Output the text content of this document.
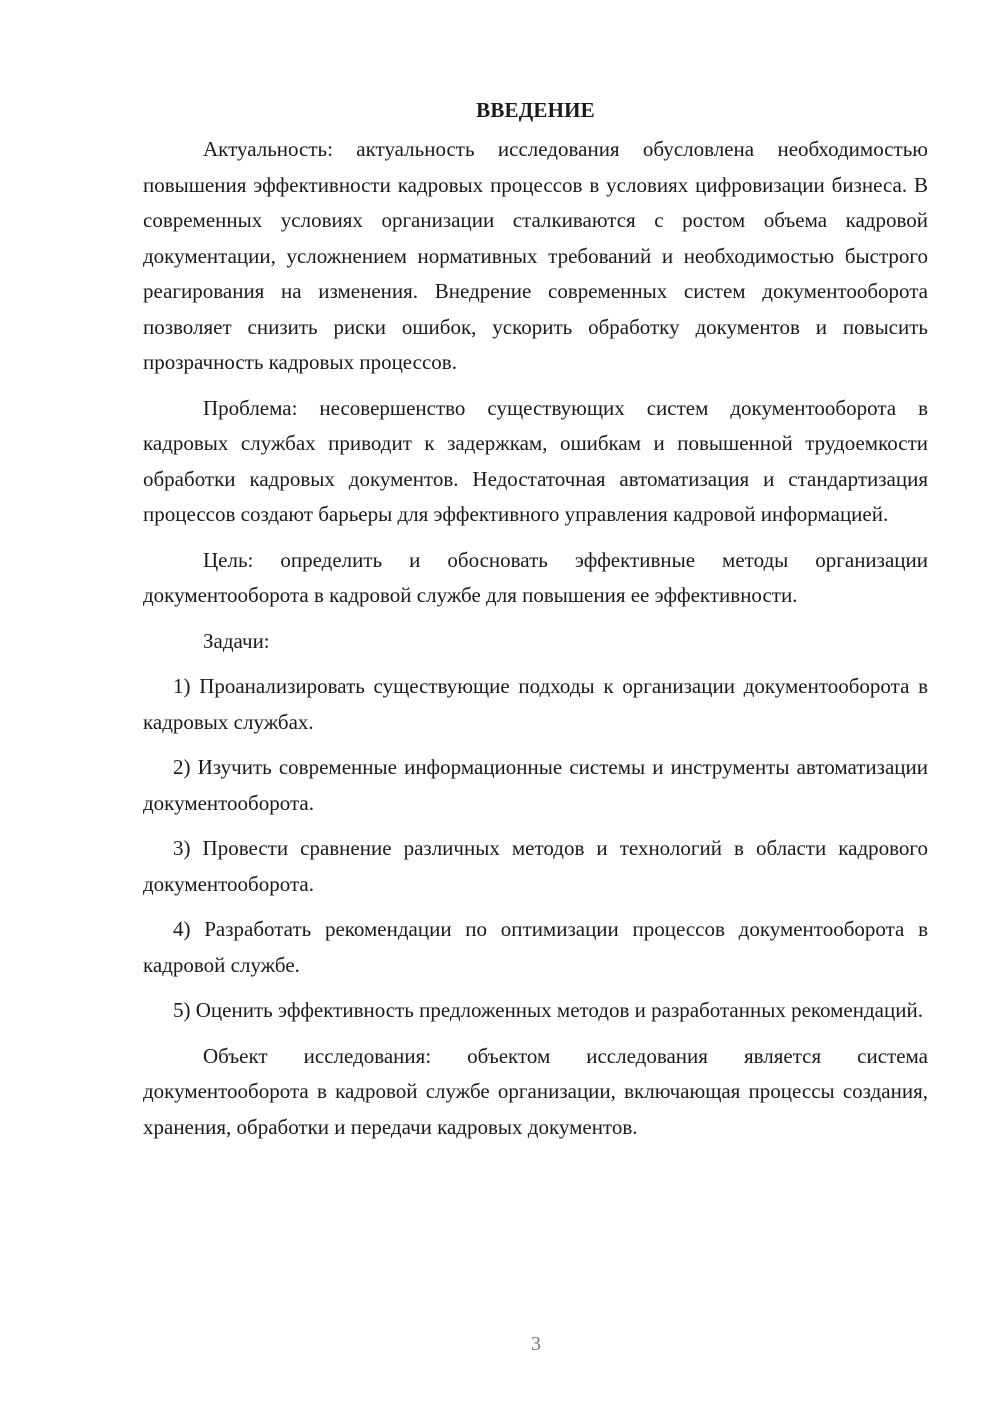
ВВЕДЕНИЕ

Актуальность: актуальность исследования обусловлена необходимостью повышения эффективности кадровых процессов в условиях цифровизации бизнеса. В современных условиях организации сталкиваются с ростом объема кадровой документации, усложнением нормативных требований и необходимостью быстрого реагирования на изменения. Внедрение современных систем документооборота позволяет снизить риски ошибок, ускорить обработку документов и повысить прозрачность кадровых процессов.

Проблема: несовершенство существующих систем документооборота в кадровых службах приводит к задержкам, ошибкам и повышенной трудоемкости обработки кадровых документов. Недостаточная автоматизация и стандартизация процессов создают барьеры для эффективного управления кадровой информацией.

Цель: определить и обосновать эффективные методы организации документооборота в кадровой службе для повышения ее эффективности.

Задачи:

1) Проанализировать существующие подходы к организации документооборота в кадровых службах.

2) Изучить современные информационные системы и инструменты автоматизации документооборота.

3) Провести сравнение различных методов и технологий в области кадрового документооборота.

4) Разработать рекомендации по оптимизации процессов документооборота в кадровой службе.

5) Оценить эффективность предложенных методов и разработанных рекомендаций.

Объект исследования: объектом исследования является система документооборота в кадровой службе организации, включающая процессы создания, хранения, обработки и передачи кадровых документов.

3
